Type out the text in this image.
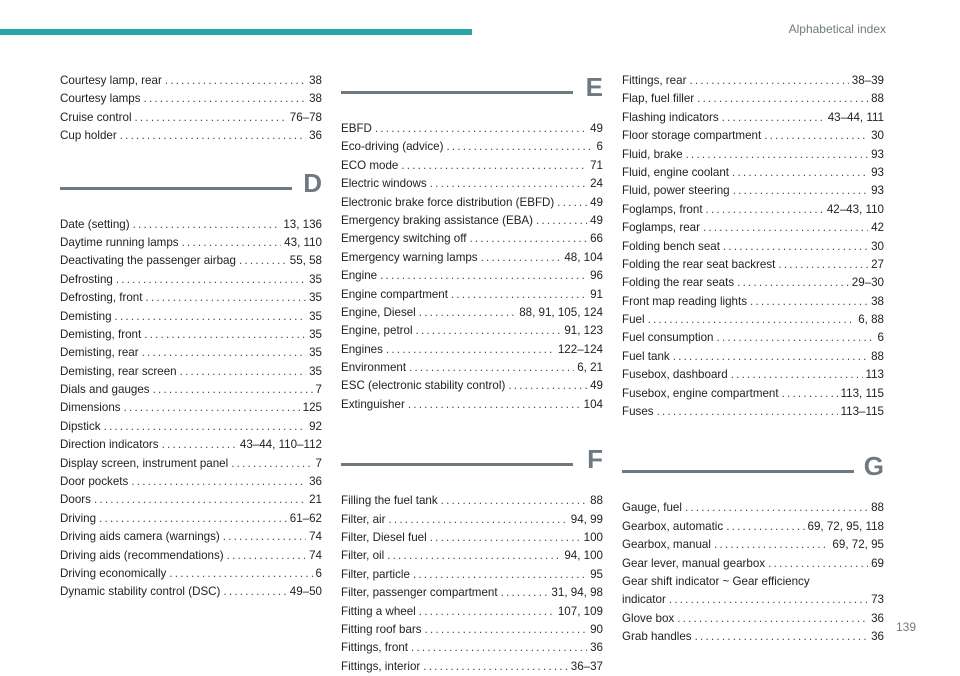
Alphabetical index
Courtesy lamp, rear . . .	38
Courtesy lamps . . .	38
Cruise control . . .	76–78
Cup holder . . .	36
D
Date (setting) . . .	13, 136
Daytime running lamps . . .	43, 110
Deactivating the passenger airbag . . .	55, 58
Defrosting . . .	35
Defrosting, front . . .	35
Demisting . . .	35
Demisting, front . . .	35
Demisting, rear . . .	35
Demisting, rear screen . . .	35
Dials and gauges . . .	7
Dimensions . . .	125
Dipstick . . .	92
Direction indicators . . .	43–44, 110–112
Display screen, instrument panel . . .	7
Door pockets . . .	36
Doors . . .	21
Driving . . .	61–62
Driving aids camera (warnings) . . .	74
Driving aids (recommendations) . . .	74
Driving economically . . .	6
Dynamic stability control (DSC) . . .	49–50
E
EBFD . . .	49
Eco-driving (advice) . . .	6
ECO mode . . .	71
Electric windows . . .	24
Electronic brake force distribution (EBFD) . . .	49
Emergency braking assistance (EBA) . . .	49
Emergency switching off . . .	66
Emergency warning lamps . . .	48, 104
Engine . . .	96
Engine compartment . . .	91
Engine, Diesel . . .	88, 91, 105, 124
Engine, petrol . . .	91, 123
Engines . . .	122–124
Environment . . .	6, 21
ESC (electronic stability control) . . .	49
Extinguisher . . .	104
F
Filling the fuel tank . . .	88
Filter, air . . .	94, 99
Filter, Diesel fuel . . .	100
Filter, oil . . .	94, 100
Filter, particle . . .	95
Filter, passenger compartment . . .	31, 94, 98
Fitting a wheel . . .	107, 109
Fitting roof bars . . .	90
Fittings, front . . .	36
Fittings, interior . . .	36–37
Fittings, rear . . .	38–39
Flap, fuel filler . . .	88
Flashing indicators . . .	43–44, 111
Floor storage compartment . . .	30
Fluid, brake . . .	93
Fluid, engine coolant . . .	93
Fluid, power steering . . .	93
Foglamps, front . . .	42–43, 110
Foglamps, rear . . .	42
Folding bench seat . . .	30
Folding the rear seat backrest . . .	27
Folding the rear seats . . .	29–30
Front map reading lights . . .	38
Fuel . . .	6, 88
Fuel consumption . . .	6
Fuel tank . . .	88
Fusebox, dashboard . . .	113
Fusebox, engine compartment . . .	113, 115
Fuses . . .	113–115
G
Gauge, fuel . . .	88
Gearbox, automatic . . .	69, 72, 95, 118
Gearbox, manual . . .	69, 72, 95
Gear lever, manual gearbox . . .	69
Gear shift indicator ~ Gear efficiency
indicator . . .	73
Glove box . . .	36
Grab handles . . .	36
139
